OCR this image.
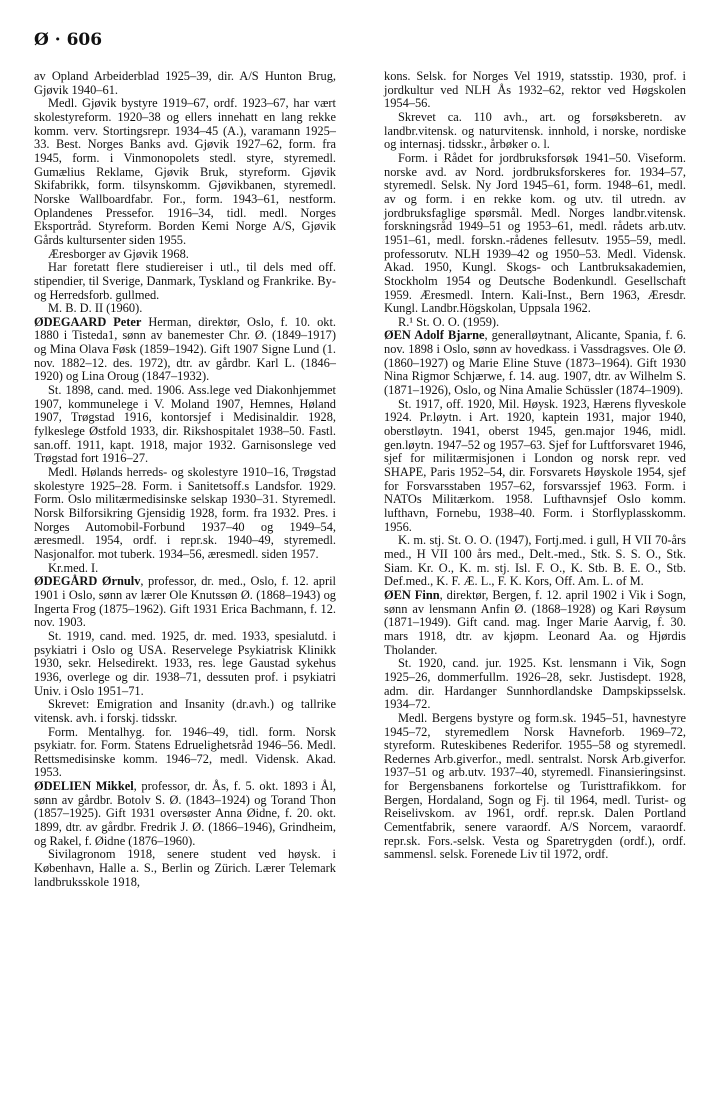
Ø · 606

av Opland Arbeiderblad 1925–39, dir. A/S Hunton Brug, Gjøvik 1940–61.

Medl. Gjøvik bystyre 1919–67, ordf. 1923–67, har vært skolestyreform. 1920–38 og ellers innehatt en lang rekke komm. verv. Stortingsrepr. 1934–45 (A.), varamann 1925–33. Best. Norges Banks avd. Gjøvik 1927–62, form. fra 1945, form. i Vinmonopolets stedl. styre, styremedl. Gumælius Reklame, Gjøvik Bruk, styreform. Gjøvik Skifabrikk, form. tilsynskomm. Gjøvikbanen, styremedl. Norske Wallboardfabr. For., form. 1943–61, nestform. Oplandenes Pressefor. 1916–34, tidl. medl. Norges Eksportråd. Styreform. Borden Kemi Norge A/S, Gjøvik Gårds kultursenter siden 1955.

Æresborger av Gjøvik 1968.

Har foretatt flere studiereiser i utl., til dels med off. stipendier, til Sverige, Danmark, Tyskland og Frankrike. By- og Herredsforb. gullmed.

M. B. D. II (1960).

ØDEGAARD Peter Herman, direktør, Oslo, f. 10. okt. 1880 i Tisteda1, sønn av banemester Chr. Ø. (1849–1917) og Mina Olava Føsk (1859–1942). Gift 1907 Signe Lund (1. nov. 1882–12. des. 1972), dtr. av gårdbr. Karl L. (1846–1920) og Lina Oroug (1847–1932).

St. 1898, cand. med. 1906. Ass.lege ved Diakonhjemmet 1907, kommunelege i V. Moland 1907, Hemnes, Høland 1907, Trøgstad 1916, kontorsjef i Medisinaldir. 1928, fylkeslege Østfold 1933, dir. Rikshospitalet 1938–50. Fastl. san.off. 1911, kapt. 1918, major 1932. Garnisonslege ved Trøgstad fort 1916–27.

Medl. Hølands herreds- og skolestyre 1910–16, Trøgstad skolestyre 1925–28. Form. i Sanitetsoff.s Landsfor. 1929. Form. Oslo militærmedisinske selskap 1930–31. Styremedl. Norsk Bilforsikring Gjensidig 1928, form. fra 1932. Pres. i Norges Automobil-Forbund 1937–40 og 1949–54, æresmedl. 1954, ordf. i repr.sk. 1940–49, styremedl. Nasjonalfor. mot tuberk. 1934–56, æresmedl. siden 1957.

Kr.med. I.

ØDEGÅRD Ørnulv, professor, dr. med., Oslo, f. 12. april 1901 i Oslo, sønn av lærer Ole Knutssøn Ø. (1868–1943) og Ingerta Frog (1875–1962). Gift 1931 Erica Bachmann, f. 12. nov. 1903.

St. 1919, cand. med. 1925, dr. med. 1933, spesialutd. i psykiatri i Oslo og USA. Reservelege Psykiatrisk Klinikk 1930, sekr. Helsedirekt. 1933, res. lege Gaustad sykehus 1936, overlege og dir. 1938–71, dessuten prof. i psykiatri Univ. i Oslo 1951–71.

Skrevet: Emigration and Insanity (dr.avh.) og tallrike vitensk. avh. i forskj. tidsskr.

Form. Mentalhyg. for. 1946–49, tidl. form. Norsk psykiatr. for. Form. Statens Edruelighetsråd 1946–56. Medl. Rettsmedisinske komm. 1946–72, medl. Vidensk. Akad. 1953.

ØDELIEN Mikkel, professor, dr. Ås, f. 5. okt. 1893 i Ål, sønn av gårdbr. Botolv S. Ø. (1843–1924) og Torand Thon (1857–1925). Gift 1931 oversøster Anna Øidne, f. 20. okt. 1899, dtr. av gårdbr. Fredrik J. Ø. (1866–1946), Grindheim, og Rakel, f. Øidne (1876–1960).

Sivilagronom 1918, senere student ved høysk. i København, Halle a. S., Berlin og Zürich. Lærer Telemark landbruksskole 1918,

kons. Selsk. for Norges Vel 1919, statsstip. 1930, prof. i jordkultur ved NLH Ås 1932–62, rektor ved Høgskolen 1954–56.

Skrevet ca. 110 avh., art. og forsøksberetn. av landbr.vitensk. og naturvitensk. innhold, i norske, nordiske og internasj. tidsskr., årbøker o. l.

Form. i Rådet for jordbruksforsøk 1941–50. Viseform. norske avd. av Nord. jordbruksforskeres for. 1934–57, styremedl. Selsk. Ny Jord 1945–61, form. 1948–61, medl. av og form. i en rekke kom. og utv. til utredn. av jordbruksfaglige spørsmål. Medl. Norges landbr.vitensk. forskningsråd 1949–51 og 1953–61, medl. rådets arb.utv. 1951–61, medl. forskn.-rådenes fellesutv. 1955–59, medl. professorutv. NLH 1939–42 og 1950–53. Medl. Vidensk. Akad. 1950, Kungl. Skogs- och Lantbruksakademien, Stockholm 1954 og Deutsche Bodenkundl. Gesellschaft 1959. Æresmedl. Intern. Kali-Inst., Bern 1963, Æresdr. Kungl. Landbr.Högskolan, Uppsala 1962.

R.¹ St. O. O. (1959).

ØEN Adolf Bjarne, generalløytnant, Alicante, Spania, f. 6. nov. 1898 i Oslo, sønn av hovedkass. i Vassdragsves. Ole Ø. (1860–1927) og Marie Eline Stuve (1873–1964). Gift 1930 Nina Rigmor Schjærwe, f. 14. aug. 1907, dtr. av Wilhelm S. (1871–1926), Oslo, og Nina Amalie Schüssler (1874–1909).

St. 1917, off. 1920, Mil. Høysk. 1923, Hærens flyveskole 1924. Pr.løytn. i Art. 1920, kaptein 1931, major 1940, oberstløytn. 1941, oberst 1945, gen.major 1946, midl. gen.løytn. 1947–52 og 1957–63. Sjef for Luftforsvaret 1946, sjef for militærmisjonen i London og norsk repr. ved SHAPE, Paris 1952–54, dir. Forsvarets Høyskole 1954, sjef for Forsvarsstaben 1957–62, forsvarssjef 1963. Form. i NATOs Militærkom. 1958. Lufthavnsjef Oslo komm. lufthavn, Fornebu, 1938–40. Form. i Storflyplasskomm. 1956.

K. m. stj. St. O. O. (1947), Fortj.med. i gull, H VII 70-års med., H VII 100 års med., Delt.-med., Stk. S. S. O., Stk. Siam. Kr. O., K. m. stj. Isl. F. O., K. Stb. B. E. O., Stb. Def.med., K. F. Æ. L., F. K. Kors, Off. Am. L. of M.

ØEN Finn, direktør, Bergen, f. 12. april 1902 i Vik i Sogn, sønn av lensmann Anfin Ø. (1868–1928) og Kari Røysum (1871–1949). Gift cand. mag. Inger Marie Aarvig, f. 30. mars 1918, dtr. av kjøpm. Leonard Aa. og Hjørdis Tholander.

St. 1920, cand. jur. 1925. Kst. lensmann i Vik, Sogn 1925–26, dommerfullm. 1926–28, sekr. Justisdept. 1928, adm. dir. Hardanger Sunnhordlandske Dampskipsselsk. 1934–72.

Medl. Bergens bystyre og form.sk. 1945–51, havnestyre 1945–72, styremedlem Norsk Havneforb. 1969–72, styreform. Ruteskibenes Rederifor. 1955–58 og styremedl. Redernes Arb.giverfor., medl. sentralst. Norsk Arb.giverfor. 1937–51 og arb.utv. 1937–40, styremedl. Finansieringsinst. for Bergensbanens forkortelse og Turisttrafikkom. for Bergen, Hordaland, Sogn og Fj. til 1964, medl. Turist- og Reiselivskom. av 1961, ordf. repr.sk. Dalen Portland Cementfabrik, senere varaordf. A/S Norcem, varaordf. repr.sk. Fors.-selsk. Vesta og Sparetrygden (ordf.), ordf. sammensl. selsk. Forenede Liv til 1972, ordf.
